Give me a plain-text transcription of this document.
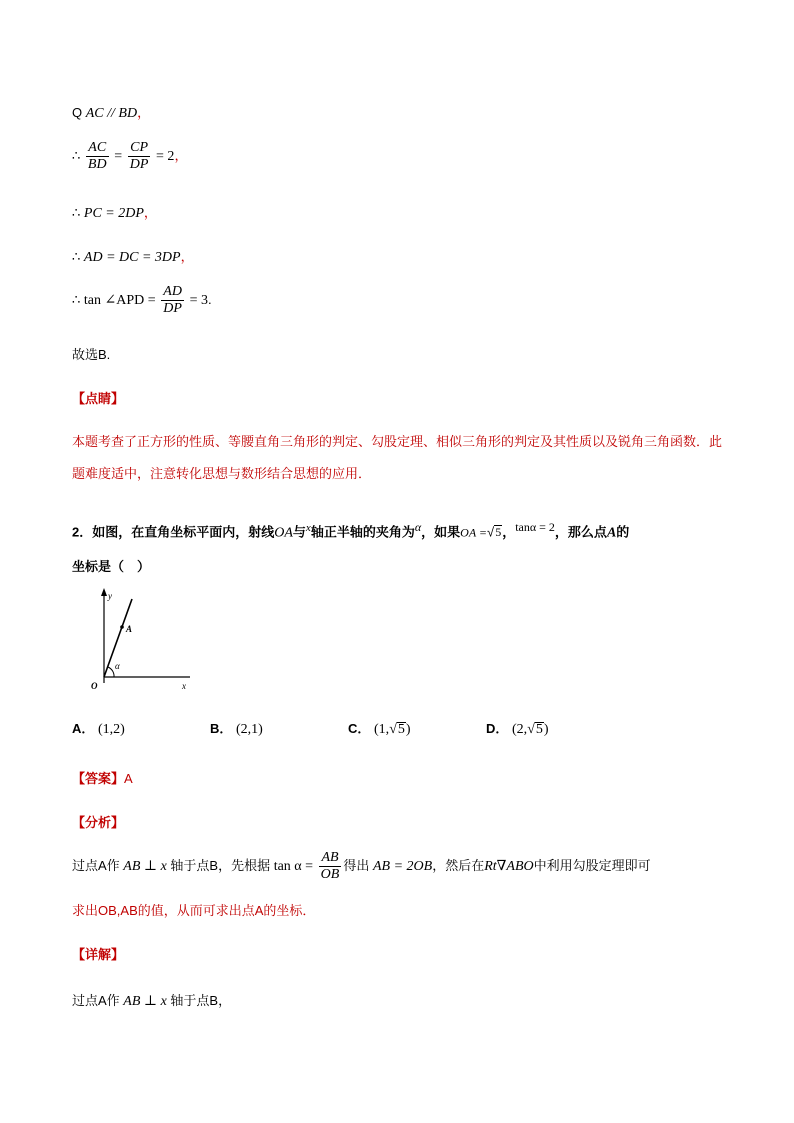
Q AC // BD，
∴ $\frac{AC}{BD} = \frac{CP}{DP} = 2$，
∴ PC = 2DP，
∴ AD = DC = 3DP，
∴ tan ∠APD = $\frac{AD}{DP} = 3$.
故选B.
【点睛】
本题考查了正方形的性质、等腰直角三角形的判定、勾股定理、相似三角形的判定及其性质以及锐角三角函数．此题难度适中，注意转化思想与数形结合思想的应用．
2．如图，在直角坐标平面内，射线OA与$^x$轴正半轴的夹角为α，如果OA =√5，tanα = 2，那么点A的
坐标是（　）
y
x
O
A
α
A． (1,2)	B． (2,1)	C． (1,√5)	D． (2,√5)
【答案】A
【分析】
过点A作 AB ⊥ x 轴于点B，先根据 $\tan \alpha = \frac{AB}{OB}$ 得出 AB = 2OB，然后在Rt∇ABO中利用勾股定理即可
求出OB,AB的值，从而可求出点A的坐标．
【详解】
过点A作 AB ⊥ x 轴于点B，
